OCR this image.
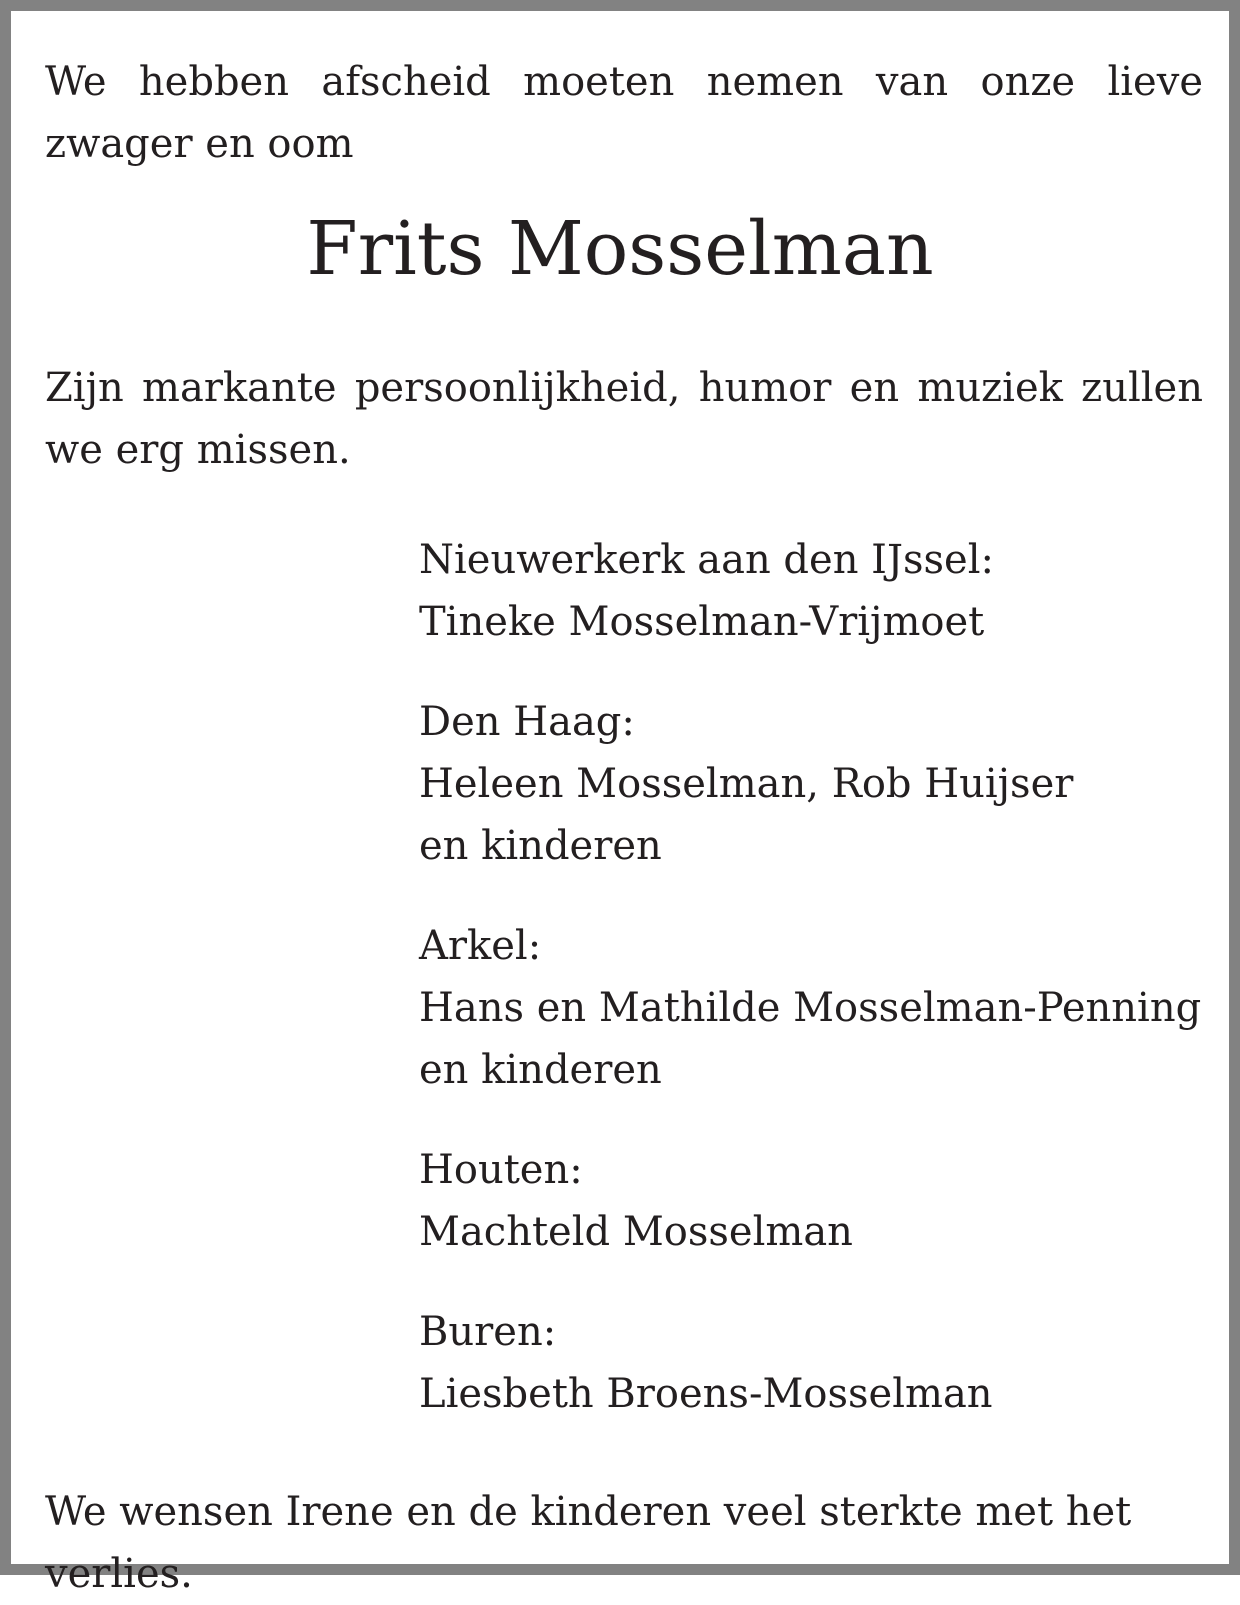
We hebben afscheid moeten nemen van onze lieve zwager en oom

Frits Mosselman

Zijn markante persoonlijkheid, humor en muziek zullen we erg missen.

Nieuwerkerk aan den IJssel:

Tineke Mosselman-Vrijmoet

Den Haag:

Heleen Mosselman, Rob Huijser

en kinderen

Arkel:

Hans en Mathilde Mosselman-Penning

en kinderen

Houten:

Machteld Mosselman

Buren:

Liesbeth Broens-Mosselman

We wensen Irene en de kinderen veel sterkte met het verlies.
